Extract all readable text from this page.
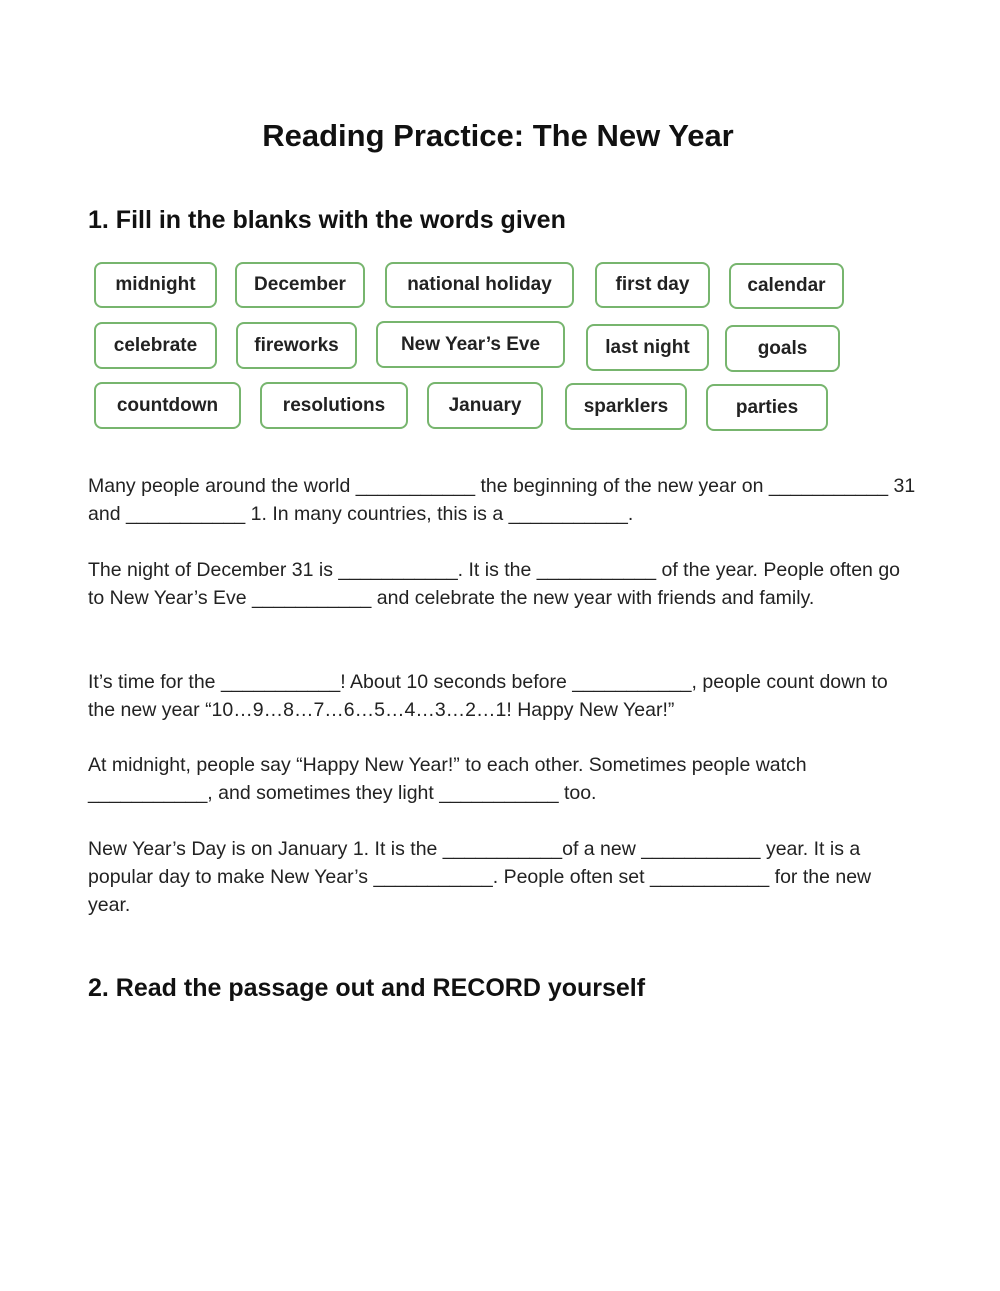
Reading Practice: The New Year
1. Fill in the blanks with the words given
midnight	December	national holiday	first day	calendar
celebrate	fireworks	New Year’s Eve	last night	goals
countdown	resolutions	January	sparklers	parties

Many people around the world ___________ the beginning of the new year on ___________ 31 and ___________ 1. In many countries, this is a ___________.

The night of December 31 is ___________. It is the ___________ of the year. People often go to New Year’s Eve ___________ and celebrate the new year with friends and family.

It’s time for the ___________! About 10 seconds before ___________, people count down to the new year “10…9…8…7…6…5…4…3…2…1! Happy New Year!”

At midnight, people say “Happy New Year!” to each other. Sometimes people watch ___________, and sometimes they light ___________ too.

New Year’s Day is on January 1. It is the ___________of a new ___________ year. It is a popular day to make New Year’s ___________. People often set ___________ for the new year.

2. Read the passage out and RECORD yourself
